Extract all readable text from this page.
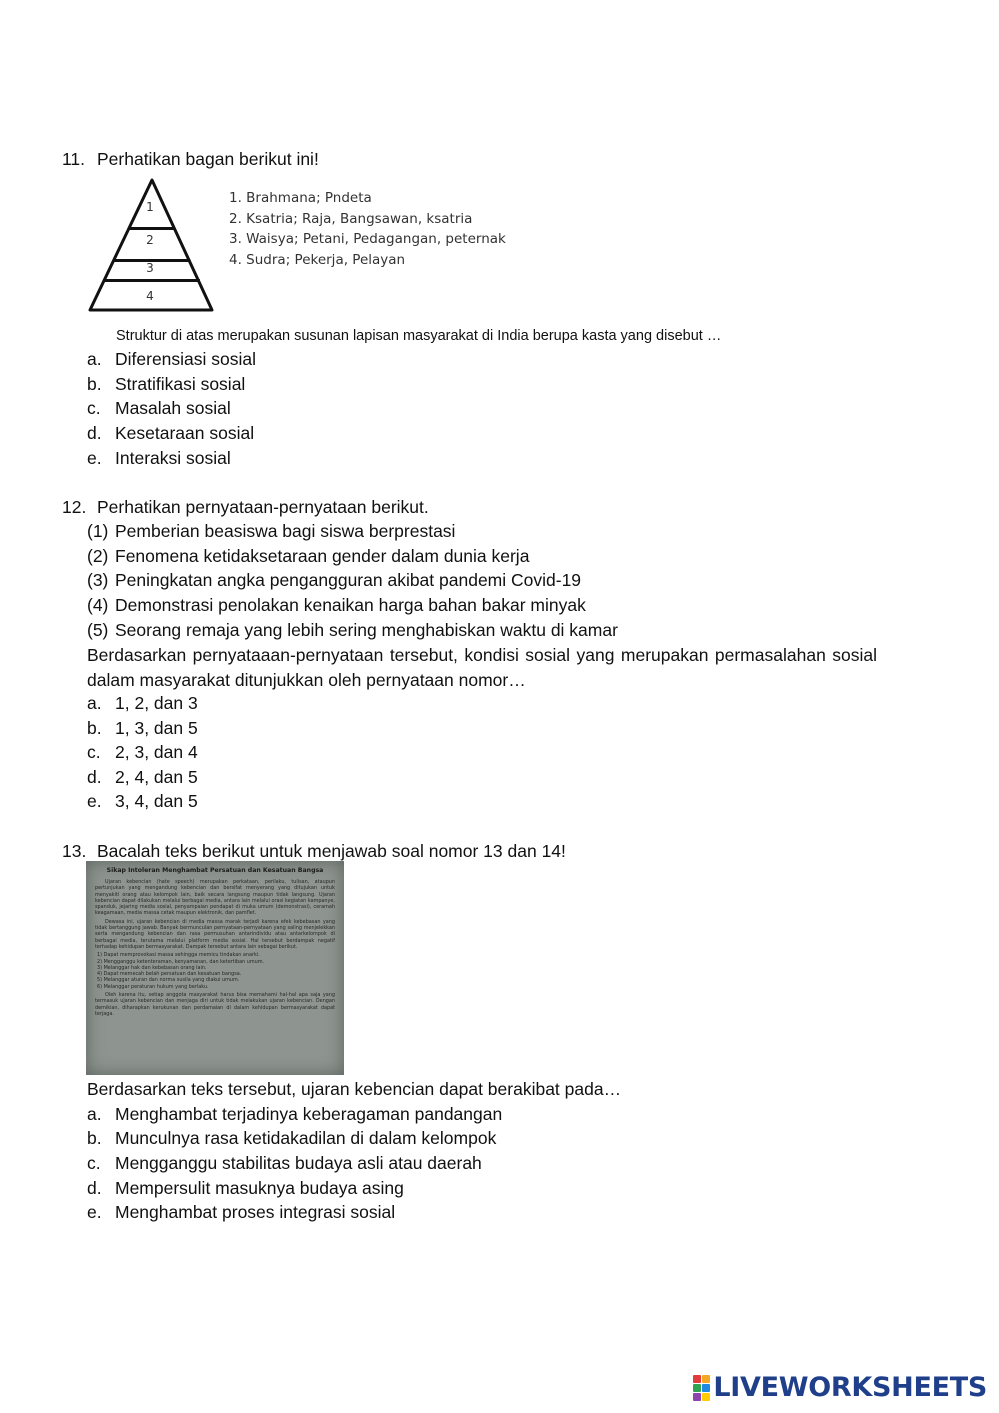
11. Perhatikan bagan berikut ini!
1
2
3
4
1. Brahmana; Pndeta
2. Ksatria; Raja, Bangsawan, ksatria
3. Waisya; Petani, Pedagangan, peternak
4. Sudra; Pekerja, Pelayan
Struktur di atas merupakan susunan lapisan masyarakat di India berupa kasta yang disebut …
a. Diferensiasi sosial
b. Stratifikasi sosial
c. Masalah sosial
d. Kesetaraan sosial
e. Interaksi sosial
12. Perhatikan pernyataan-pernyataan berikut.
(1) Pemberian beasiswa bagi siswa berprestasi
(2) Fenomena ketidaksetaraan gender dalam dunia kerja
(3) Peningkatan angka pengangguran akibat pandemi Covid-19
(4) Demonstrasi penolakan kenaikan harga bahan bakar minyak
(5) Seorang remaja yang lebih sering menghabiskan waktu di kamar
Berdasarkan pernyataaan-pernyataan tersebut, kondisi sosial yang merupakan permasalahan sosial dalam masyarakat ditunjukkan oleh pernyataan nomor…
a. 1, 2, dan 3
b. 1, 3, dan 5
c. 2, 3, dan 4
d. 2, 4, dan 5
e. 3, 4, dan 5
13. Bacalah teks berikut untuk menjawab soal nomor 13 dan 14!
Sikap Intoleran Menghambat Persatuan dan Kesatuan Bangsa

Ujaran kebencian (hate speech) merupakan perkataan, perilaku, tulisan, ataupun pertunjukan yang mengandung kebencian dan bersifat menyerang yang ditujukan untuk menyakiti orang atau kelompok lain, baik secara langsung maupun tidak langsung. Ujaran kebencian dapat dilakukan melalui berbagai media, antara lain melalui orasi kegiatan kampanye, spanduk, jejaring media sosial, penyampaian pendapat di muka umum (demonstrasi), ceramah keagamaan, media massa cetak maupun elektronik, dan pamflet.

Dewasa ini, ujaran kebencian di media massa marak terjadi karena efek kebebasan yang tidak bertanggung jawab. Banyak bermunculan pernyataan-pernyataan yang saling menjelekkan serta mengandung kebencian dan rasa permusuhan antarindividu atau antarkelompok di berbagai media, terutama melalui platform media sosial. Hal tersebut berdampak negatif terhadap kehidupan bermasyarakat. Dampak tersebut antara lain sebagai berikut.

1) Dapat memprovokasi massa sehingga memicu tindakan anarki.
2) Mengganggu ketenteraman, kenyamanan, dan ketertiban umum.
3) Melanggar hak dan kebebasan orang lain.
4) Dapat memecah belah persatuan dan kesatuan bangsa.
5) Melanggar aturan dan norma susila yang diakui umum.
6) Melanggar peraturan hukum yang berlaku.

Oleh karena itu, setiap anggota masyarakat harus bisa memahami hal-hal apa saja yang termasuk ujaran kebencian dan menjaga diri untuk tidak melakukan ujaran kebencian. Dengan demikian, diharapkan kerukunan dan perdamaian di dalam kehidupan bermasyarakat dapat terjaga.

Berdasarkan teks tersebut, ujaran kebencian dapat berakibat pada…
a. Menghambat terjadinya keberagaman pandangan
b. Munculnya rasa ketidakadilan di dalam kelompok
c. Mengganggu stabilitas budaya asli atau daerah
d. Mempersulit masuknya budaya asing
e. Menghambat proses integrasi sosial
LIVEWORKSHEETS
